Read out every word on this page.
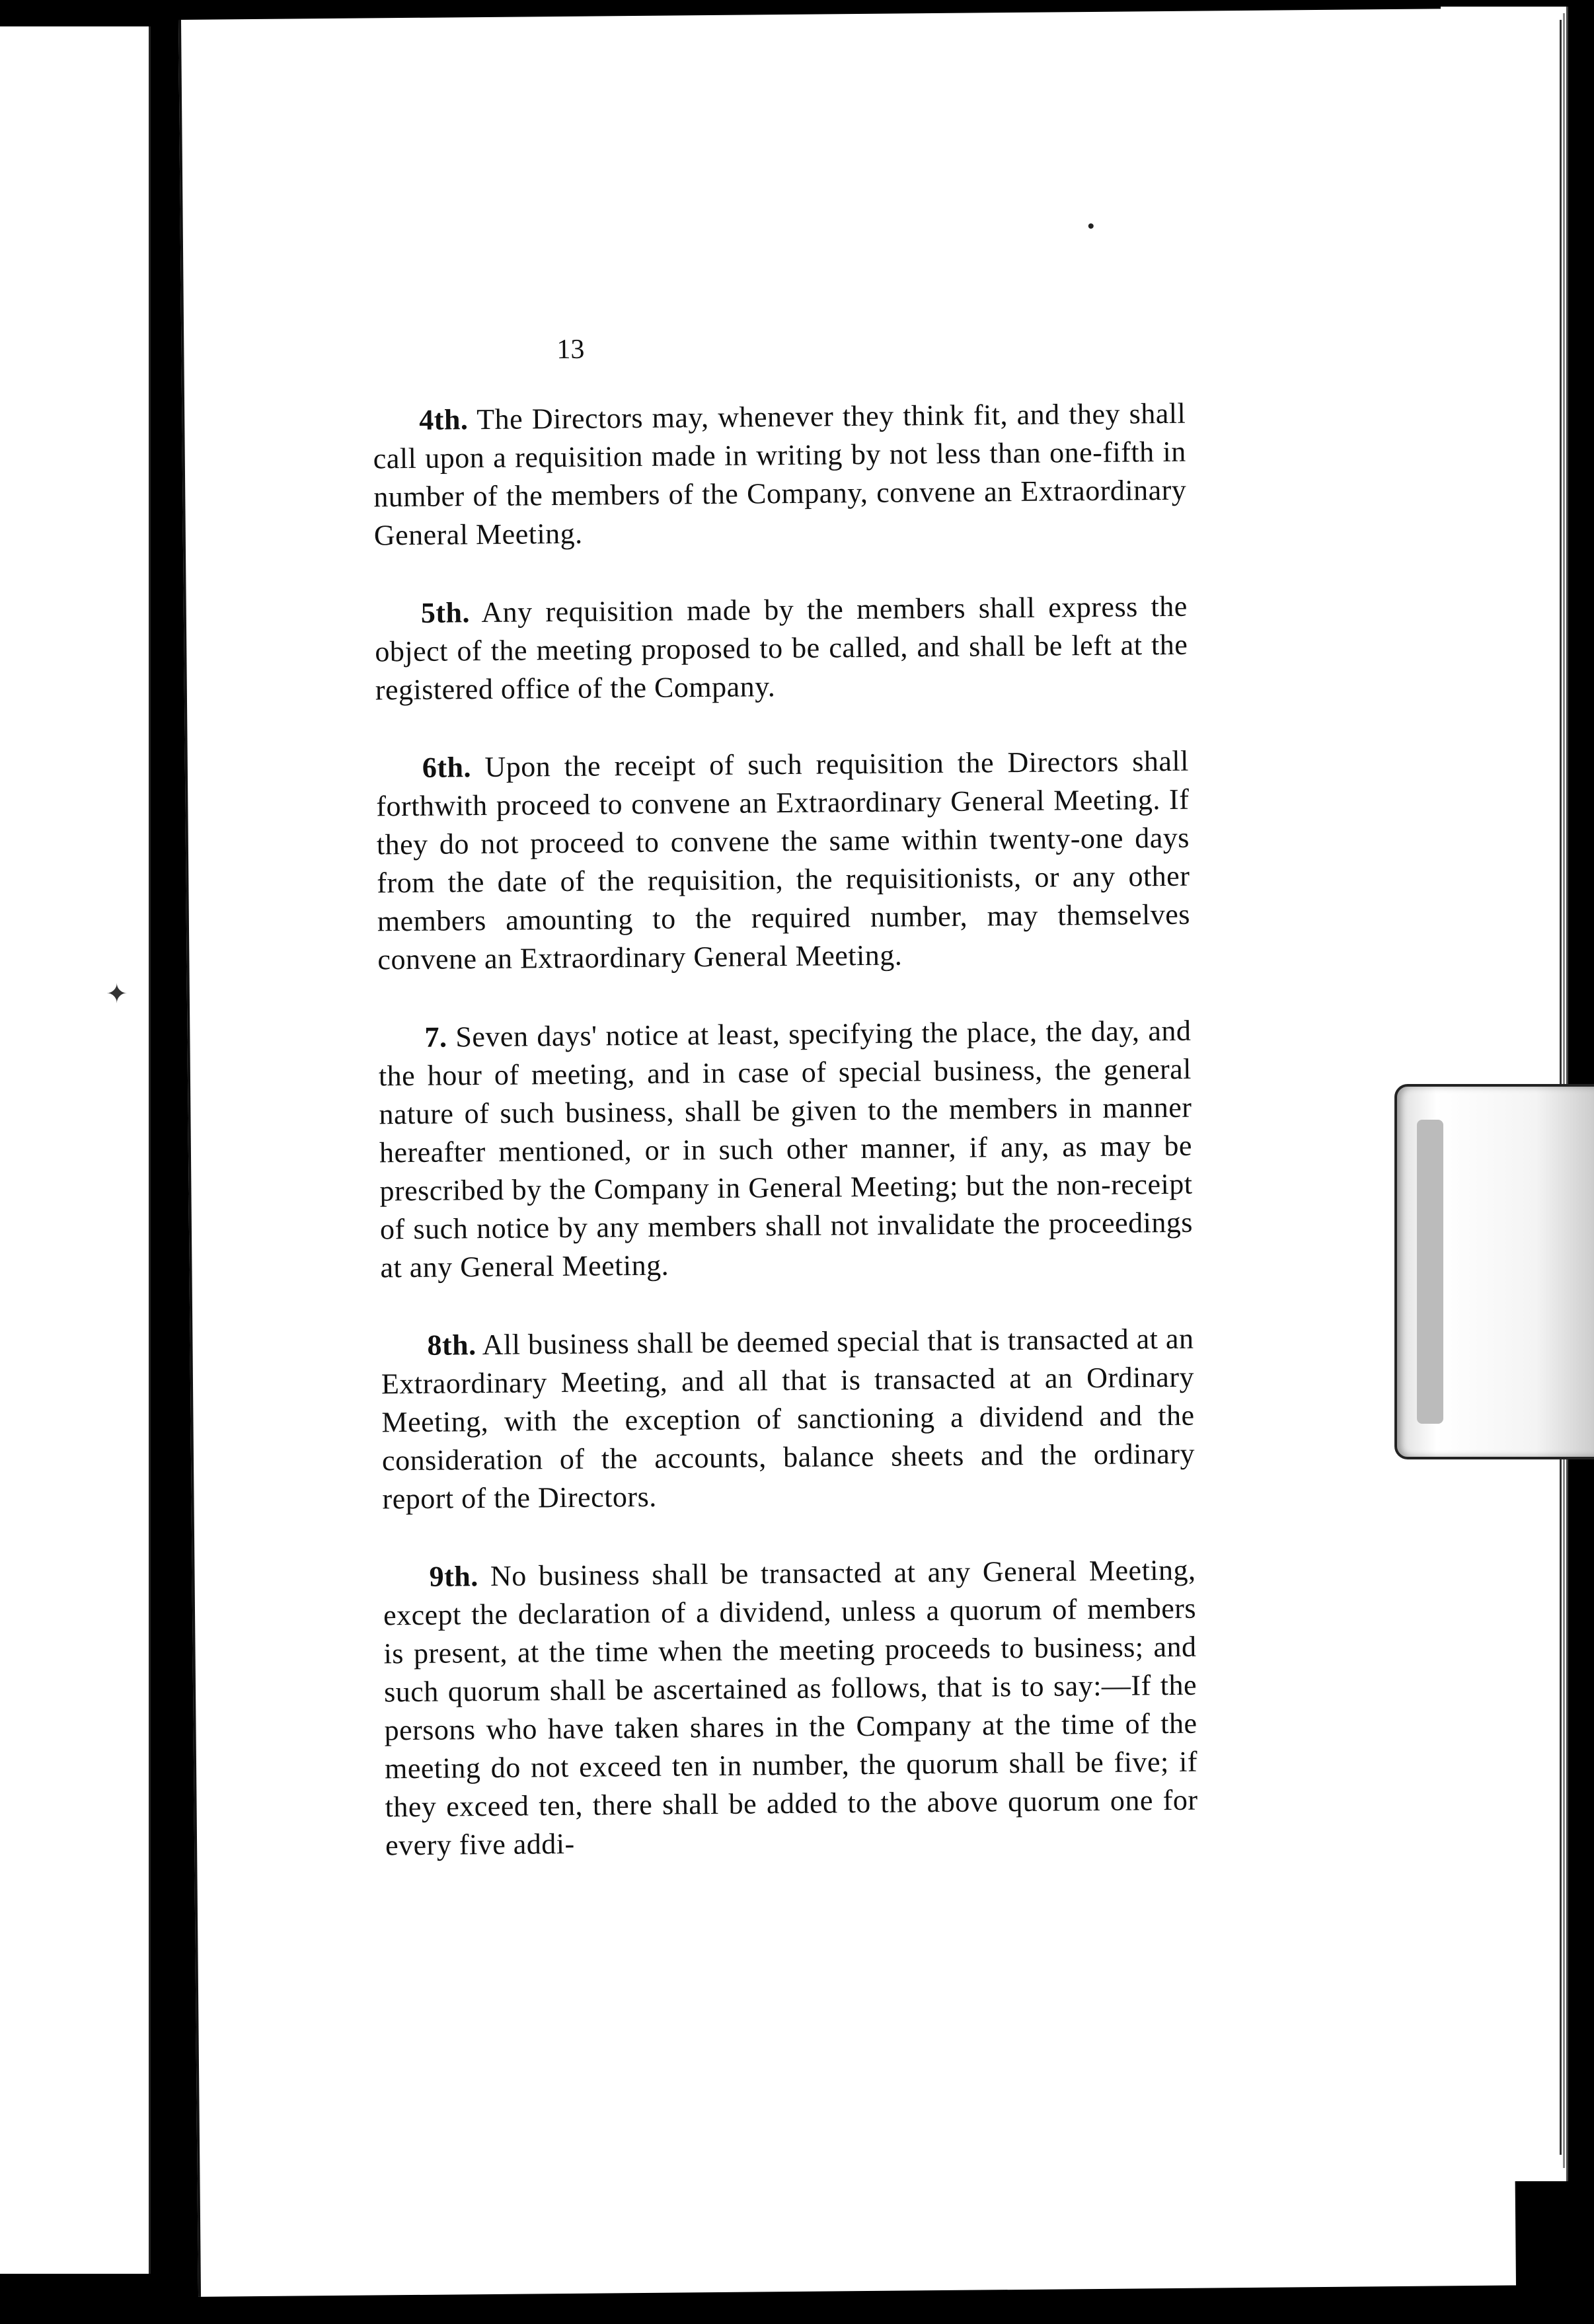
✦
13

4th. The Directors may, whenever they think fit, and they shall call upon a requisition made in writing by not less than one-fifth in number of the members of the Company, convene an Extraordinary General Meeting.

5th. Any requisition made by the members shall express the object of the meeting proposed to be called, and shall be left at the registered office of the Company.

6th. Upon the receipt of such requisition the Directors shall forthwith proceed to convene an Extraordinary General Meeting. If they do not proceed to convene the same within twenty-one days from the date of the requisition, the requisitionists, or any other members amounting to the required number, may themselves convene an Extraordinary General Meeting.

7. Seven days' notice at least, specifying the place, the day, and the hour of meeting, and in case of special business, the general nature of such business, shall be given to the members in manner hereafter mentioned, or in such other manner, if any, as may be prescribed by the Company in General Meeting; but the non-receipt of such notice by any members shall not invalidate the proceedings at any General Meeting.

8th. All business shall be deemed special that is transacted at an Extraordinary Meeting, and all that is transacted at an Ordinary Meeting, with the exception of sanctioning a dividend and the consideration of the accounts, balance sheets and the ordinary report of the Directors.

9th. No business shall be transacted at any General Meeting, except the declaration of a dividend, unless a quorum of members is present, at the time when the meeting proceeds to business; and such quorum shall be ascertained as follows, that is to say:—If the persons who have taken shares in the Company at the time of the meeting do not exceed ten in number, the quorum shall be five; if they exceed ten, there shall be added to the above quorum one for every five addi-
